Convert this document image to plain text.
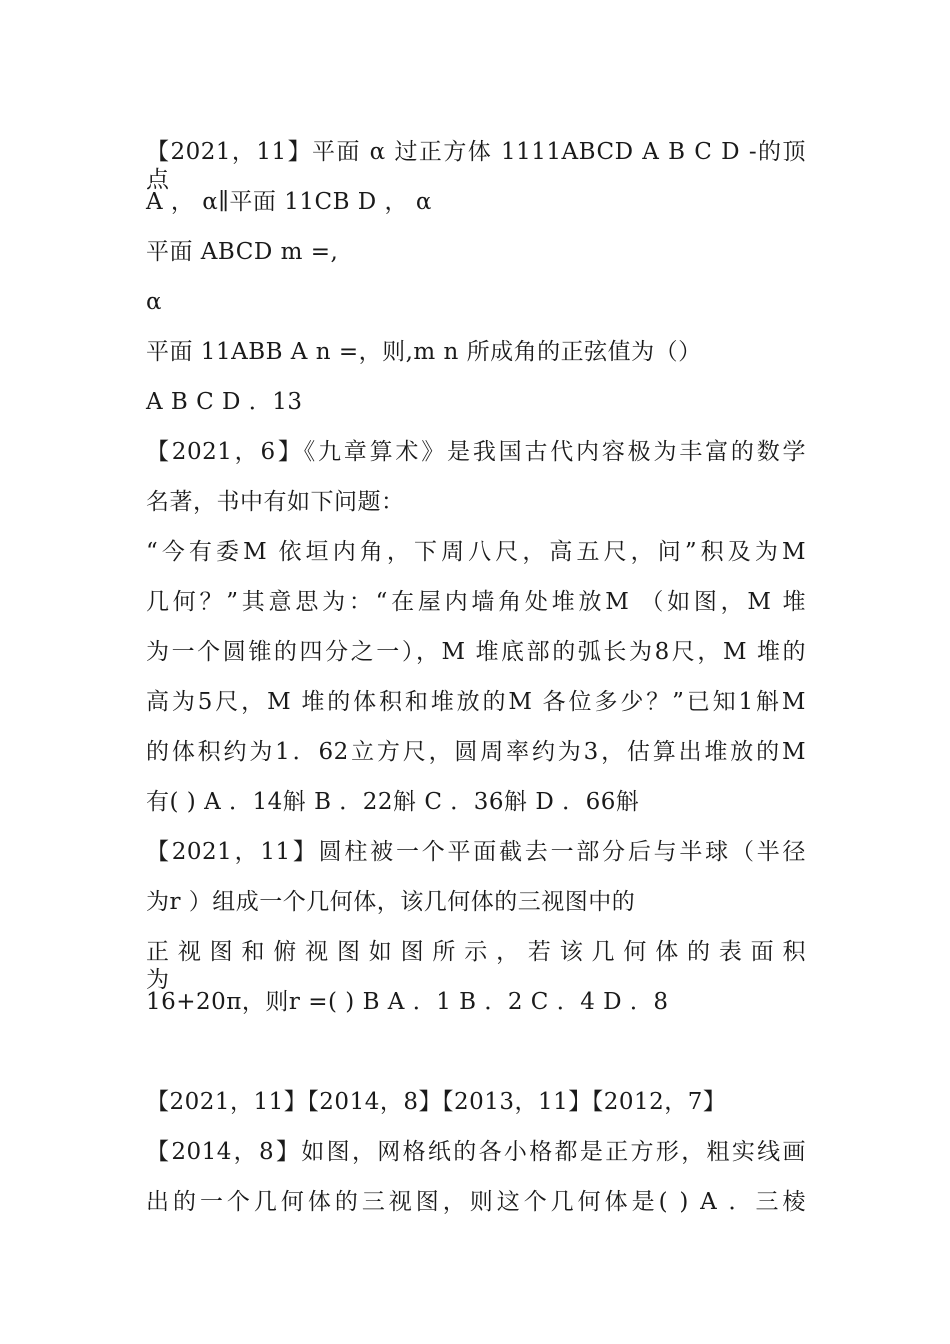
【2021，11】平面 α 过正方体 1111ABCD A B C D -的顶点
A ， α∥平面 11CB D ， α
平面 ABCD m =,
α
平面 11ABB A n =，则,m n 所成角的正弦值为（）
A B C D ．13
【2021，6】《九章算术》是我国古代内容极为丰富的数学
名著，书中有如下问题：
“今有委M 依垣内角，下周八尺，高五尺，问”积及为M
几何？”其意思为：“在屋内墙角处堆放M （如图，M 堆
为一个圆锥的四分之一），M 堆底部的弧长为8尺，M 堆的
高为5尺，M 堆的体积和堆放的M 各位多少？”已知1斛M
的体积约为1．62立方尺，圆周率约为3，估算出堆放的M
有( ) A ．14斛 B ．22斛 C ．36斛 D ．66斛
【2021，11】圆柱被一个平面截去一部分后与半球（半径
为r ）组成一个几何体，该几何体的三视图中的
正 视 图 和 俯 视 图 如 图 所 示 ， 若 该 几 何 体 的 表 面 积 为
16+20π，则r =( ) B A ．1 B ．2 C ．4 D ．8
【2021，11】【2014，8】【2013，11】【2012，7】
【2014，8】如图，网格纸的各小格都是正方形，粗实线画
出的一个几何体的三视图，则这个几何体是( ) A ．三棱
